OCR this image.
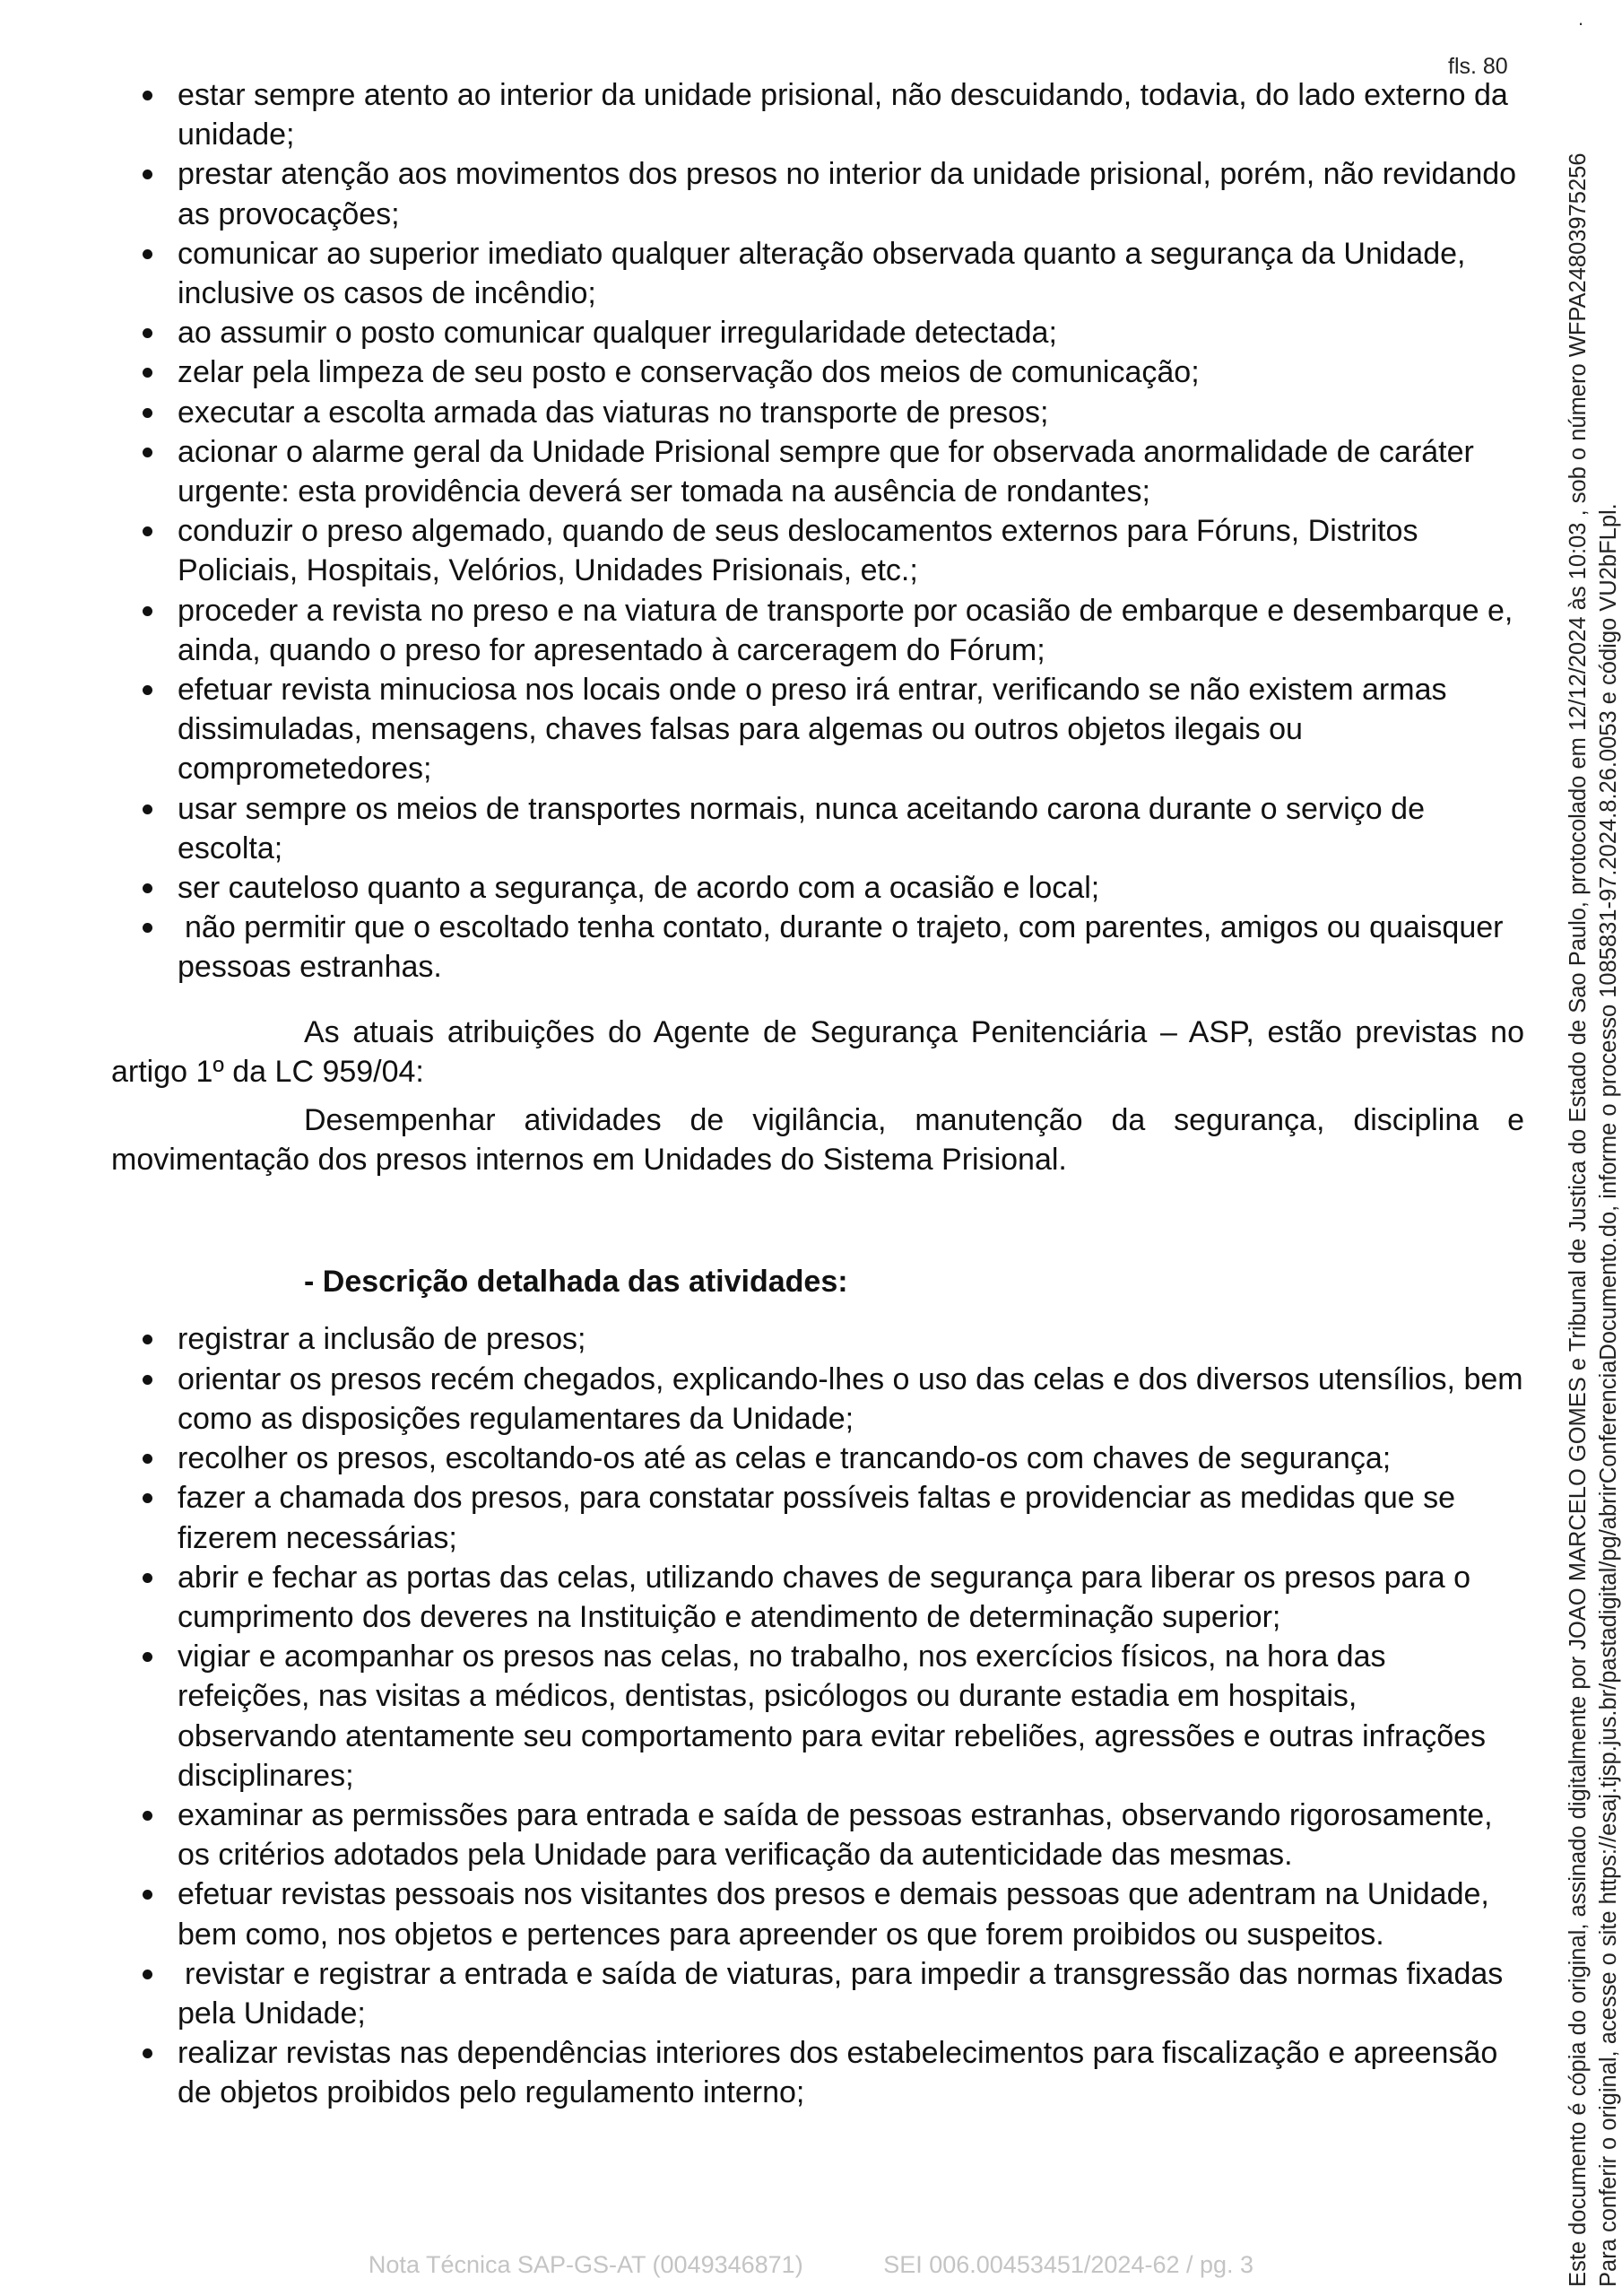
.
fls. 80
estar sempre atento ao interior da unidade prisional, não descuidando, todavia, do lado externo da unidade;
prestar atenção aos movimentos dos presos no interior da unidade prisional, porém, não revidando as provocações;
comunicar ao superior imediato qualquer alteração observada quanto a segurança da Unidade, inclusive os casos de incêndio;
ao assumir o posto comunicar qualquer irregularidade detectada;
zelar pela limpeza de seu posto e conservação dos meios de comunicação;
executar a escolta armada das viaturas no transporte de presos;
acionar o alarme geral da Unidade Prisional sempre que for observada anormalidade de caráter urgente: esta providência deverá ser tomada na ausência de rondantes;
conduzir o preso algemado, quando de seus deslocamentos externos para Fóruns, Distritos Policiais, Hospitais, Velórios, Unidades Prisionais, etc.;
proceder a revista no preso e na viatura de transporte por ocasião de embarque e desembarque e, ainda, quando o preso for apresentado à carceragem do Fórum;
efetuar revista minuciosa nos locais onde o preso irá entrar, verificando se não existem armas dissimuladas, mensagens, chaves falsas para algemas ou outros objetos ilegais ou comprometedores;
usar sempre os meios de transportes normais, nunca aceitando carona durante o serviço de escolta;
ser cauteloso quanto a segurança, de acordo com a ocasião e local;
não permitir que o escoltado tenha contato, durante o trajeto, com parentes, amigos ou quaisquer pessoas estranhas.

As atuais atribuições do Agente de Segurança Penitenciária – ASP, estão previstas no artigo 1º da LC 959/04:

Desempenhar atividades de vigilância, manutenção da segurança, disciplina e movimentação dos presos internos em Unidades do Sistema Prisional.

- Descrição detalhada das atividades:
registrar a inclusão de presos;
orientar os presos recém chegados, explicando-lhes o uso das celas e dos diversos utensílios, bem como as disposições regulamentares da Unidade;
recolher os presos, escoltando-os até as celas e trancando-os com chaves de segurança;
fazer a chamada dos presos, para constatar possíveis faltas e providenciar as medidas que se fizerem necessárias;
abrir e fechar as portas das celas, utilizando chaves de segurança para liberar os presos para o cumprimento dos deveres na Instituição e atendimento de determinação superior;
vigiar e acompanhar os presos nas celas, no trabalho, nos exercícios físicos, na hora das refeições, nas visitas a médicos, dentistas, psicólogos ou durante estadia em hospitais, observando atentamente seu comportamento para evitar rebeliões, agressões e outras infrações disciplinares;
examinar as permissões para entrada e saída de pessoas estranhas, observando rigorosamente, os critérios adotados pela Unidade para verificação da autenticidade das mesmas.
efetuar revistas pessoais nos visitantes dos presos e demais pessoas que adentram na Unidade, bem como, nos objetos e pertences para apreender os que forem proibidos ou suspeitos.
revistar e registrar a entrada e saída de viaturas, para impedir a transgressão das normas fixadas pela Unidade;
realizar revistas nas dependências interiores dos estabelecimentos para fiscalização e apreensão de objetos proibidos pelo regulamento interno;
Nota Técnica SAP-GS-AT (0049346871)	SEI 006.00453451/2024-62 / pg. 3	Este documento é cópia do original, assinado digitalmente por JOAO MARCELO GOMES e Tribunal de Justica do Estado de Sao Paulo, protocolado em 12/12/2024 às 10:03 , sob o número WFPA24803975256 Para conferir o original, acesse o site https://esaj.tjsp.jus.br/pastadigital/pg/abrirConferenciaDocumento.do, informe o processo 1085831-97.2024.8.26.0053 e código VU2bFLpl.
